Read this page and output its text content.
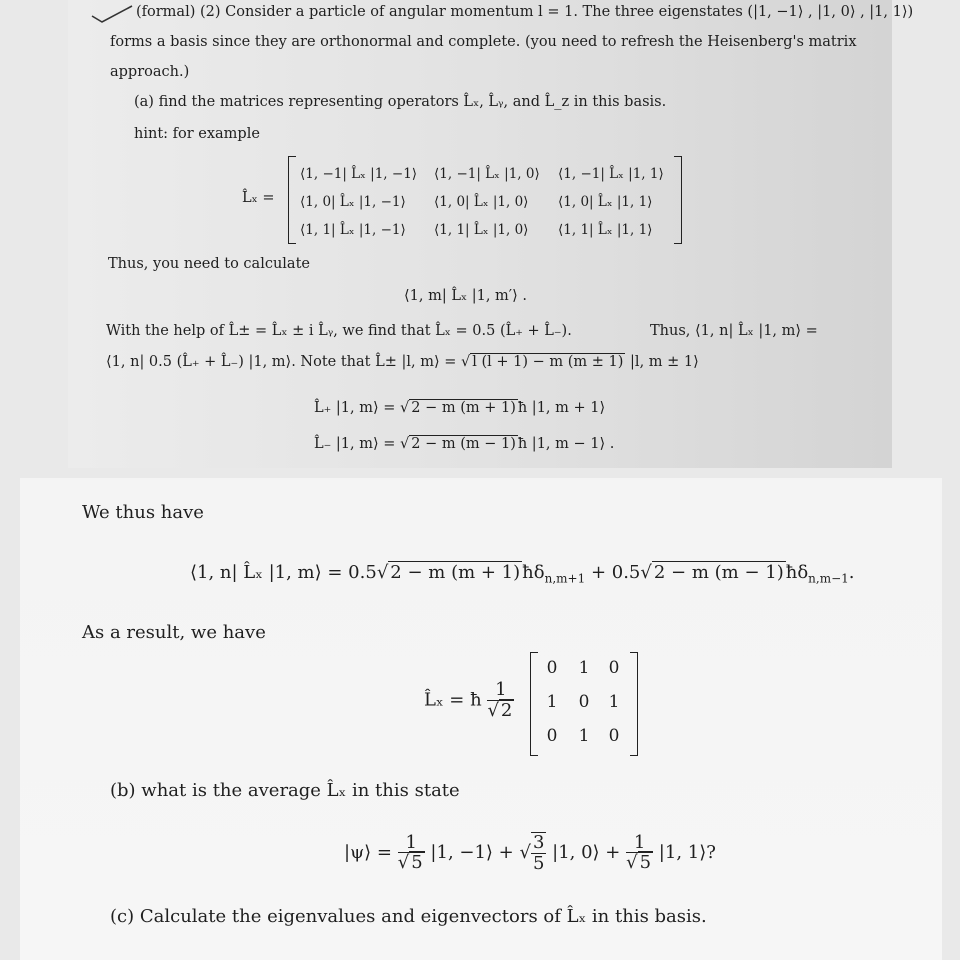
(formal) (2) Consider a particle of angular momentum l = 1. The three eigenstates (|1, −1⟩ , |1, 0⟩ , |1, 1⟩)
forms a basis since they are orthonormal and complete. (you need to refresh the Heisenberg's matrix
approach.)
(a) find the matrices representing operators L̂ₓ, L̂ᵧ, and L̂_z in this basis.
hint: for example
L̂ₓ =
⟨1, −1| L̂ₓ |1, −1⟩ ⟨1, −1| L̂ₓ |1, 0⟩ ⟨1, −1| L̂ₓ |1, 1⟩
⟨1, 0| L̂ₓ |1, −1⟩ ⟨1, 0| L̂ₓ |1, 0⟩ ⟨1, 0| L̂ₓ |1, 1⟩
⟨1, 1| L̂ₓ |1, −1⟩ ⟨1, 1| L̂ₓ |1, 0⟩ ⟨1, 1| L̂ₓ |1, 1⟩
Thus, you need to calculate
⟨1, m| L̂ₓ |1, m′⟩ .
With the help of L̂± = L̂ₓ ± i L̂ᵧ, we find that L̂ₓ = 0.5 (L̂₊ + L̂₋).	Thus, ⟨1, n| L̂ₓ |1, m⟩ =
⟨1, n| 0.5 (L̂₊ + L̂₋) |1, m⟩. Note that L̂± |l, m⟩ = √ l (l + 1) − m (m ± 1) |l, m ± 1⟩
L̂₊ |1, m⟩ = √ 2 − m (m + 1) ħ |1, m + 1⟩
L̂₋ |1, m⟩ = √ 2 − m (m − 1) ħ |1, m − 1⟩ .
We thus have
⟨1, n| L̂ₓ |1, m⟩ = 0.5√ 2 − m (m + 1) $ħ\delta_{n,m+1} + 0.5√$ 2 − m (m − 1) $ħ\delta_{n,m-1}$.
As a result, we have
L̂ₓ = ħ $\frac{1}{√ 2}$
0 1 0
1 0 1
0 1 0
(b) what is the average L̂ₓ in this state
|ψ⟩ = $\frac{1}{√ 5} |1$, −1⟩ + √ $\frac{3}{5} |1$, 0⟩ + $\frac{1}{√ 5} |1$, 1⟩?
(c) Calculate the eigenvalues and eigenvectors of L̂ₓ in this basis.
